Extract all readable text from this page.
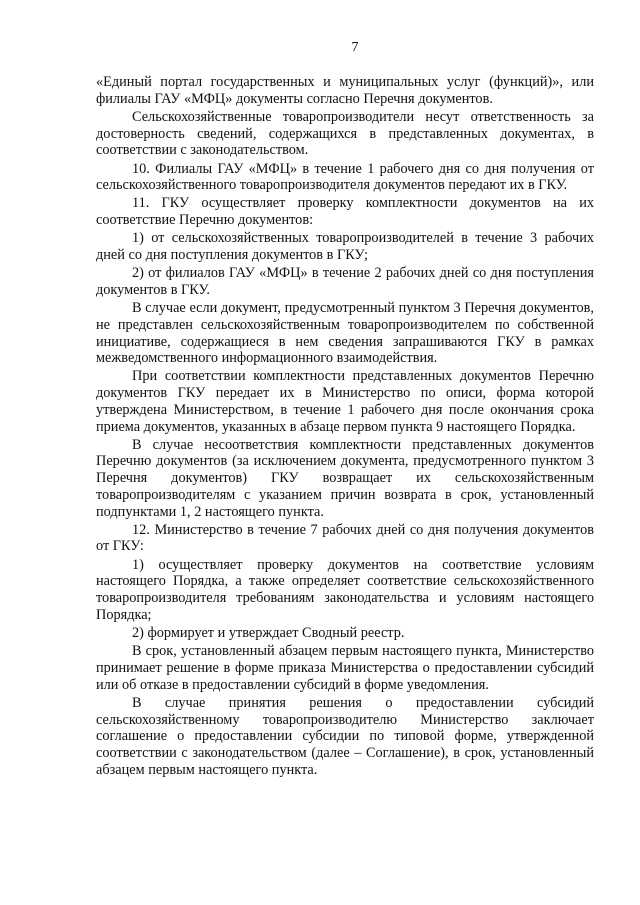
7

«Единый портал государственных и муниципальных услуг (функций)», или филиалы ГАУ «МФЦ» документы согласно Перечня документов.

Сельскохозяйственные товаропроизводители несут ответственность за достоверность сведений, содержащихся в представленных документах, в соответствии с законодательством.

10. Филиалы ГАУ «МФЦ» в течение 1 рабочего дня со дня получения от сельскохозяйственного товаропроизводителя документов передают их в ГКУ.

11. ГКУ осуществляет проверку комплектности документов на их соответствие Перечню документов:

1) от сельскохозяйственных товаропроизводителей в течение 3 рабочих дней со дня поступления документов в ГКУ;

2) от филиалов ГАУ «МФЦ» в течение 2 рабочих дней со дня поступления документов в ГКУ.

В случае если документ, предусмотренный пунктом 3 Перечня документов, не представлен сельскохозяйственным товаропроизводителем по собственной инициативе, содержащиеся в нем сведения запрашиваются ГКУ в рамках межведомственного информационного взаимодействия.

При соответствии комплектности представленных документов Перечню документов ГКУ передает их в Министерство по описи, форма которой утверждена Министерством, в течение 1 рабочего дня после окончания срока приема документов, указанных в абзаце первом пункта 9 настоящего Порядка.

В случае несоответствия комплектности представленных документов Перечню документов (за исключением документа, предусмотренного пунктом 3 Перечня документов) ГКУ возвращает их сельскохозяйственным товаропроизводителям с указанием причин возврата в срок, установленный подпунктами 1, 2 настоящего пункта.

12. Министерство в течение 7 рабочих дней со дня получения документов от ГКУ:

1) осуществляет проверку документов на соответствие условиям настоящего Порядка, а также определяет соответствие сельскохозяйственного товаропроизводителя требованиям законодательства и условиям настоящего Порядка;

2) формирует и утверждает Сводный реестр.

В срок, установленный абзацем первым настоящего пункта, Министерство принимает решение в форме приказа Министерства о предоставлении субсидий или об отказе в предоставлении субсидий в форме уведомления.

В случае принятия решения о предоставлении субсидий сельскохозяйственному товаропроизводителю Министерство заключает соглашение о предоставлении субсидии по типовой форме, утвержденной соответствии с законодательством (далее – Соглашение), в срок, установленный абзацем первым настоящего пункта.
